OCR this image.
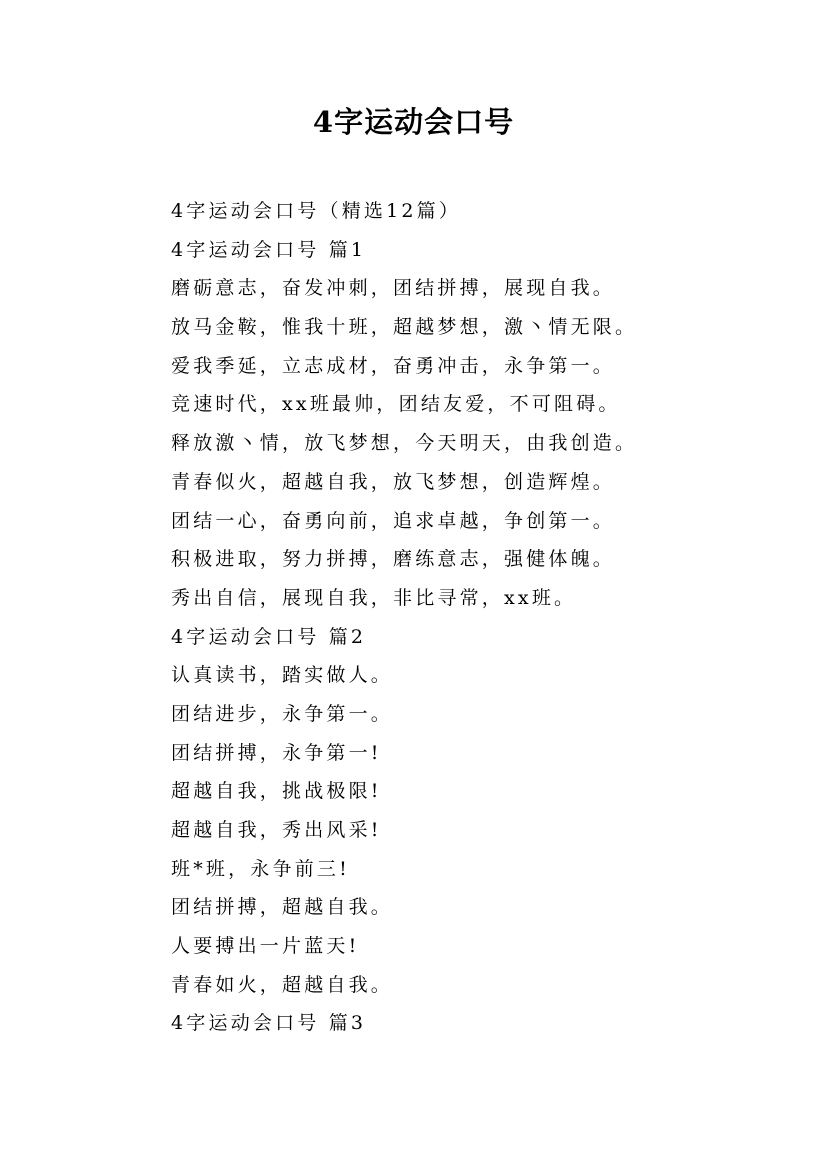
4字运动会口号
4字运动会口号（精选12篇）
4字运动会口号 篇1
磨砺意志，奋发冲刺，团结拼搏，展现自我。
放马金鞍，惟我十班，超越梦想，激丶情无限。
爱我季延，立志成材，奋勇冲击，永争第一。
竞速时代，xx班最帅，团结友爱，不可阻碍。
释放激丶情，放飞梦想，今天明天，由我创造。
青春似火，超越自我，放飞梦想，创造辉煌。
团结一心，奋勇向前，追求卓越，争创第一。
积极进取，努力拼搏，磨练意志，强健体魄。
秀出自信，展现自我，非比寻常，xx班。
4字运动会口号 篇2
认真读书，踏实做人。
团结进步，永争第一。
团结拼搏，永争第一!
超越自我，挑战极限!
超越自我，秀出风采!
班*班，永争前三!
团结拼搏，超越自我。
人要搏出一片蓝天!
青春如火，超越自我。
4字运动会口号 篇3
